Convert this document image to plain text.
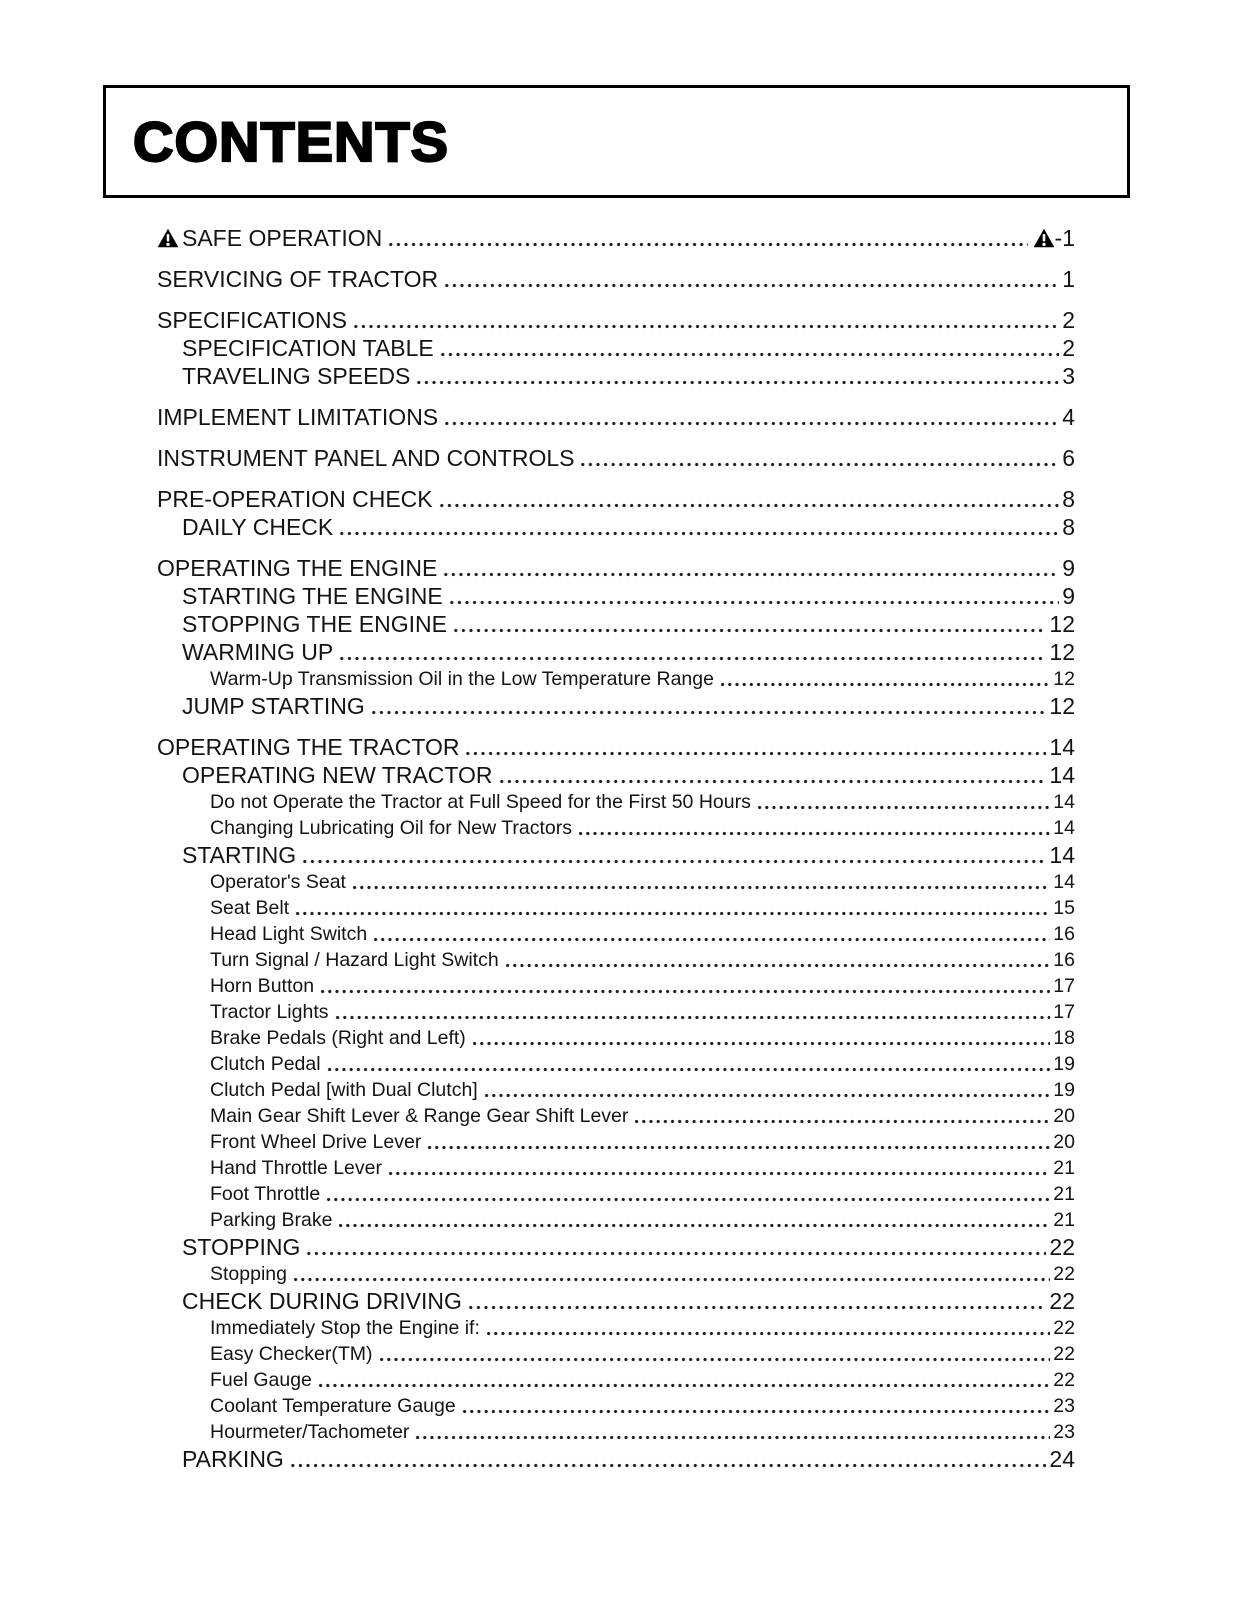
CONTENTS
SAFE OPERATION	-1
SERVICING OF TRACTOR	1
SPECIFICATIONS	2
SPECIFICATION TABLE	2
TRAVELING SPEEDS	3
IMPLEMENT LIMITATIONS	4
INSTRUMENT PANEL AND CONTROLS	6
PRE-OPERATION CHECK	8
DAILY CHECK	8
OPERATING THE ENGINE	9
STARTING THE ENGINE	9
STOPPING THE ENGINE	12
WARMING UP	12
Warm-Up Transmission Oil in the Low Temperature Range	12
JUMP STARTING	12
OPERATING THE TRACTOR	14
OPERATING NEW TRACTOR	14
Do not Operate the Tractor at Full Speed for the First 50 Hours	14
Changing Lubricating Oil for New Tractors	14
STARTING	14
Operator's Seat	14
Seat Belt	15
Head Light Switch	16
Turn Signal / Hazard Light Switch	16
Horn Button	17
Tractor Lights	17
Brake Pedals (Right and Left)	18
Clutch Pedal	19
Clutch Pedal [with Dual Clutch]	19
Main Gear Shift Lever & Range Gear Shift Lever	20
Front Wheel Drive Lever	20
Hand Throttle Lever	21
Foot Throttle	21
Parking Brake	21
STOPPING	22
Stopping	22
CHECK DURING DRIVING	22
Immediately Stop the Engine if:	22
Easy Checker(TM)	22
Fuel Gauge	22
Coolant Temperature Gauge	23
Hourmeter/Tachometer	23
PARKING	24
